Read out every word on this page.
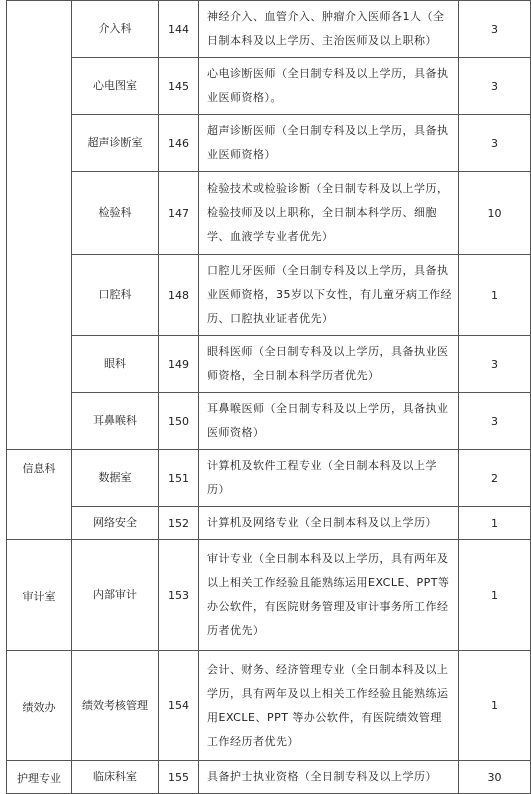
	介入科	144	神经介入、血管介入、肿瘤介入医师各1人（全日制本科及以上学历、主治医师及以上职称）	3
	心电图室	145	心电诊断医师（全日制专科及以上学历，具备执业医师资格）。	3
	超声诊断室	146	超声诊断医师（全日制专科及以上学历，具备执业医师资格）	3
	检验科	147	检验技术或检验诊断（全日制专科及以上学历，检验技师及以上职称，全日制本科学历、细胞学、血液学专业者优先）	10
	口腔科	148	口腔儿牙医师（全日制专科及以上学历，具备执业医师资格，35岁以下女性，有儿童牙病工作经历、口腔执业证者优先）	1
	眼科	149	眼科医师（全日制专科及以上学历，具备执业医师资格，全日制本科学历者优先）	3
	耳鼻喉科	150	耳鼻喉医师（全日制专科及以上学历，具备执业医师资格）	3
信息科	数据室	151	计算机及软件工程专业（全日制本科及以上学历）	2
	网络安全	152	计算机及网络专业（全日制本科及以上学历）	1
审计室	内部审计	153	审计专业（全日制本科及以上学历，具有两年及以上相关工作经验且能熟练运用EXCLE、PPT等办公软件，有医院财务管理及审计事务所工作经历者优先）	1
绩效办	绩效考核管理	154	会计、财务、经济管理专业（全日制本科及以上学历，具有两年及以上相关工作经验且能熟练运用EXCLE、PPT 等办公软件，有医院绩效管理工作经历者优先）	1
护理专业	临床科室	155	具备护士执业资格（全日制专科及以上学历）	30
